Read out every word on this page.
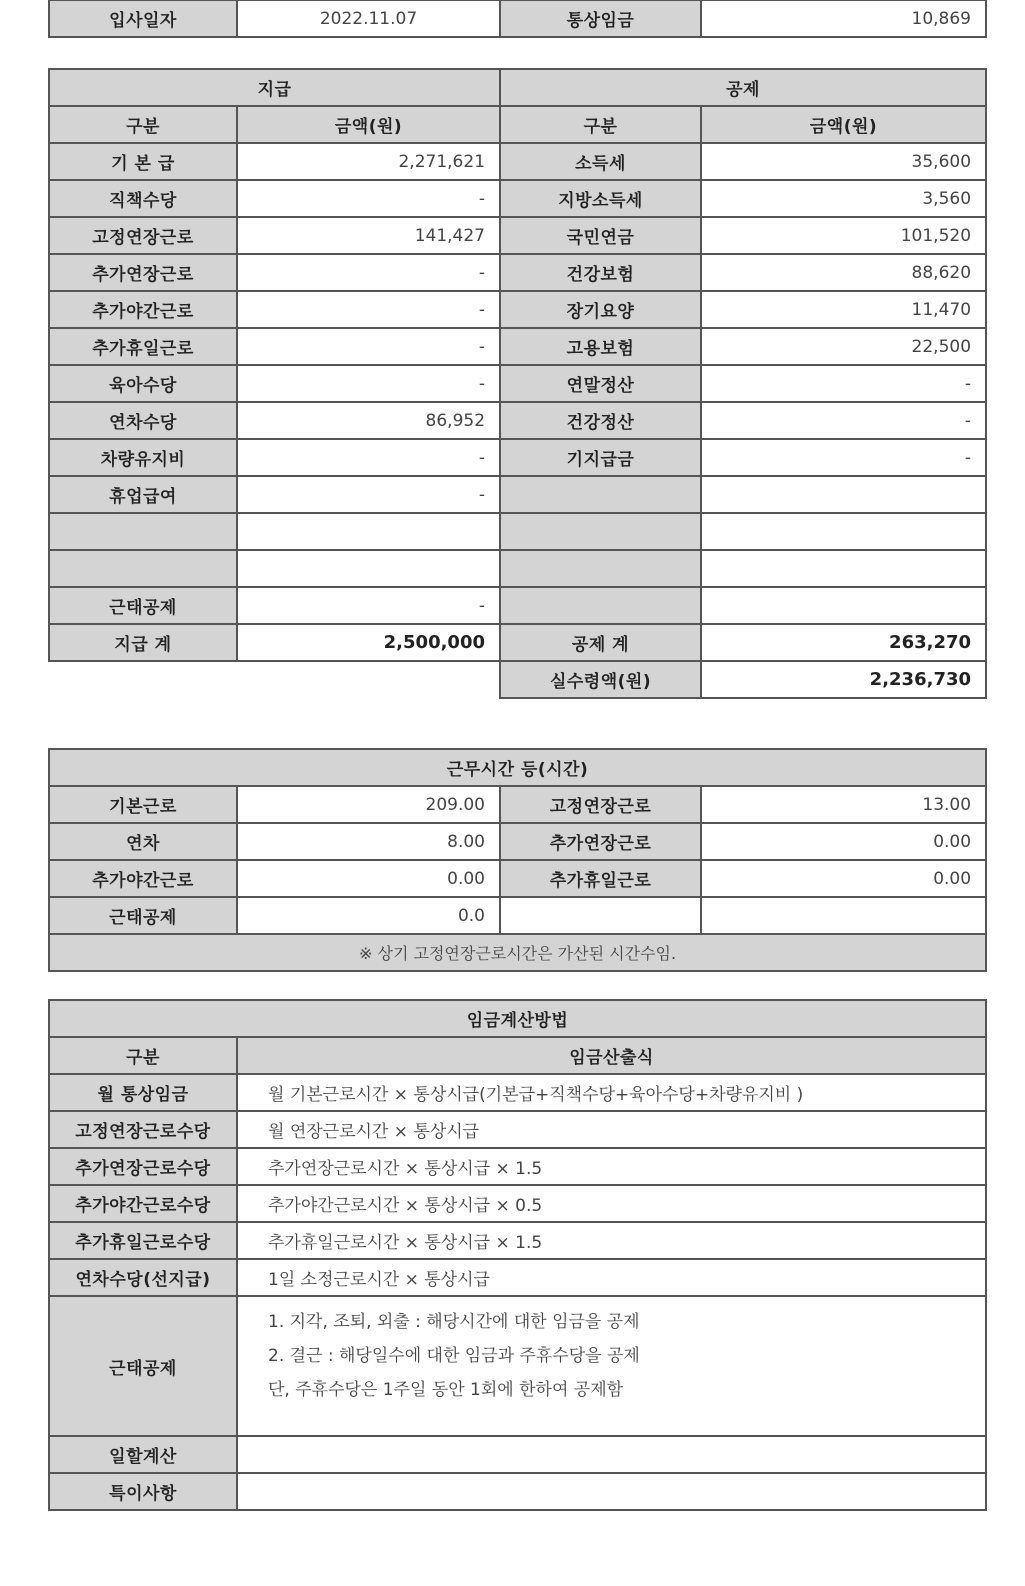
입사일자	2022.11.07	통상임금	10,869
지급		공제	
구분	금액(원)	구분	금액(원)
기 본 급	2,271,621	소득세	35,600
직책수당	-	지방소득세	3,560
고정연장근로	141,427	국민연금	101,520
추가연장근로	-	건강보험	88,620
추가야간근로	-	장기요양	11,470
추가휴일근로	-	고용보험	22,500
육아수당	-	연말정산	-
연차수당	86,952	건강정산	-
차량유지비	-	기지급금	-
휴업급여	-		

근태공제	-		
지급 계	2,500,000	공제 계	263,270
		실수령액(원)	2,236,730
근무시간 등(시간)			
기본근로	209.00	고정연장근로	13.00
연차	8.00	추가연장근로	0.00
추가야간근로	0.00	추가휴일근로	0.00
근태공제	0.0		
※ 상기 고정연장근로시간은 가산된 시간수임.			
임금계산방법	
구분	임금산출식
월 통상임금	월 기본근로시간 × 통상시급(기본급+직책수당+육아수당+차량유지비 )
고정연장근로수당	월 연장근로시간 × 통상시급
추가연장근로수당	추가연장근로시간 × 통상시급 × 1.5
추가야간근로수당	추가야간근로시간 × 통상시급 × 0.5
추가휴일근로수당	추가휴일근로시간 × 통상시급 × 1.5
연차수당(선지급)	1일 소정근로시간 × 통상시급
근태공제	1. 지각, 조퇴, 외출 : 해당시간에 대한 임금을 공제
2. 결근 : 해당일수에 대한 임금과 주휴수당을 공제
단, 주휴수당은 1주일 동안 1회에 한하여 공제함

일할계산	
특이사항	
